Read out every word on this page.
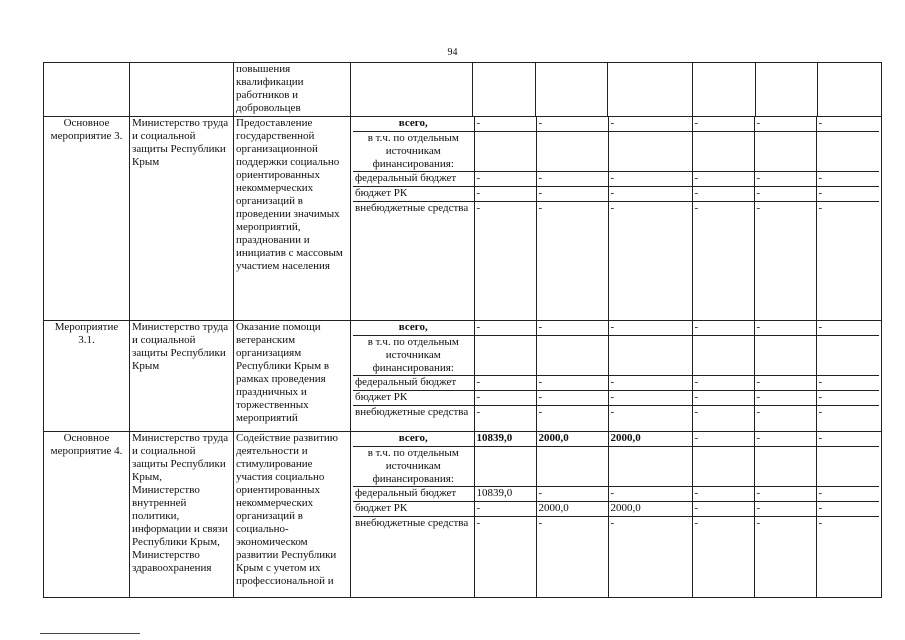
94
		повышения квалификации работников и добровольцев							
Основное мероприятие 3.	Министерство труда и социальной защиты Республики Крым	Предоставление государственной организационной поддержки социально ориентированных некоммерческих организаций в проведении значимых мероприятий, праздновании и инициатив с массовым участием населения	
всего,	-	-	-	-	-	-
в т.ч. по отдельным источникам финансирования:						
федеральный бюджет	-	-	-	-	-	-
бюджет РК	-	-	-	-	-	-
внебюджетные средства	-	-	-	-	-	-

Мероприятие 3.1.	Министерство труда и социальной защиты Республики Крым	Оказание помощи ветеранским организациям Республики Крым в рамках проведения праздничных и торжественных мероприятий	
всего,	-	-	-	-	-	-
в т.ч. по отдельным источникам финансирования:						
федеральный бюджет	-	-	-	-	-	-
бюджет РК	-	-	-	-	-	-
внебюджетные средства	-	-	-	-	-	-

Основное мероприятие 4.	Министерство труда и социальной защиты Республики Крым, Министерство внутренней политики, информации и связи Республики Крым, Министерство здравоохранения	Содействие развитию деятельности и стимулирование участия социально ориентированных некоммерческих организаций в социально-экономическом развитии Республики Крым с учетом их профессиональной и	
всего,	10839,0	2000,0	2000,0	-	-	-
в т.ч. по отдельным источникам финансирования:						
федеральный бюджет	10839,0	-	-	-	-	-
бюджет РК	-	2000,0	2000,0	-	-	-
внебюджетные средства	-	-	-	-	-	-
